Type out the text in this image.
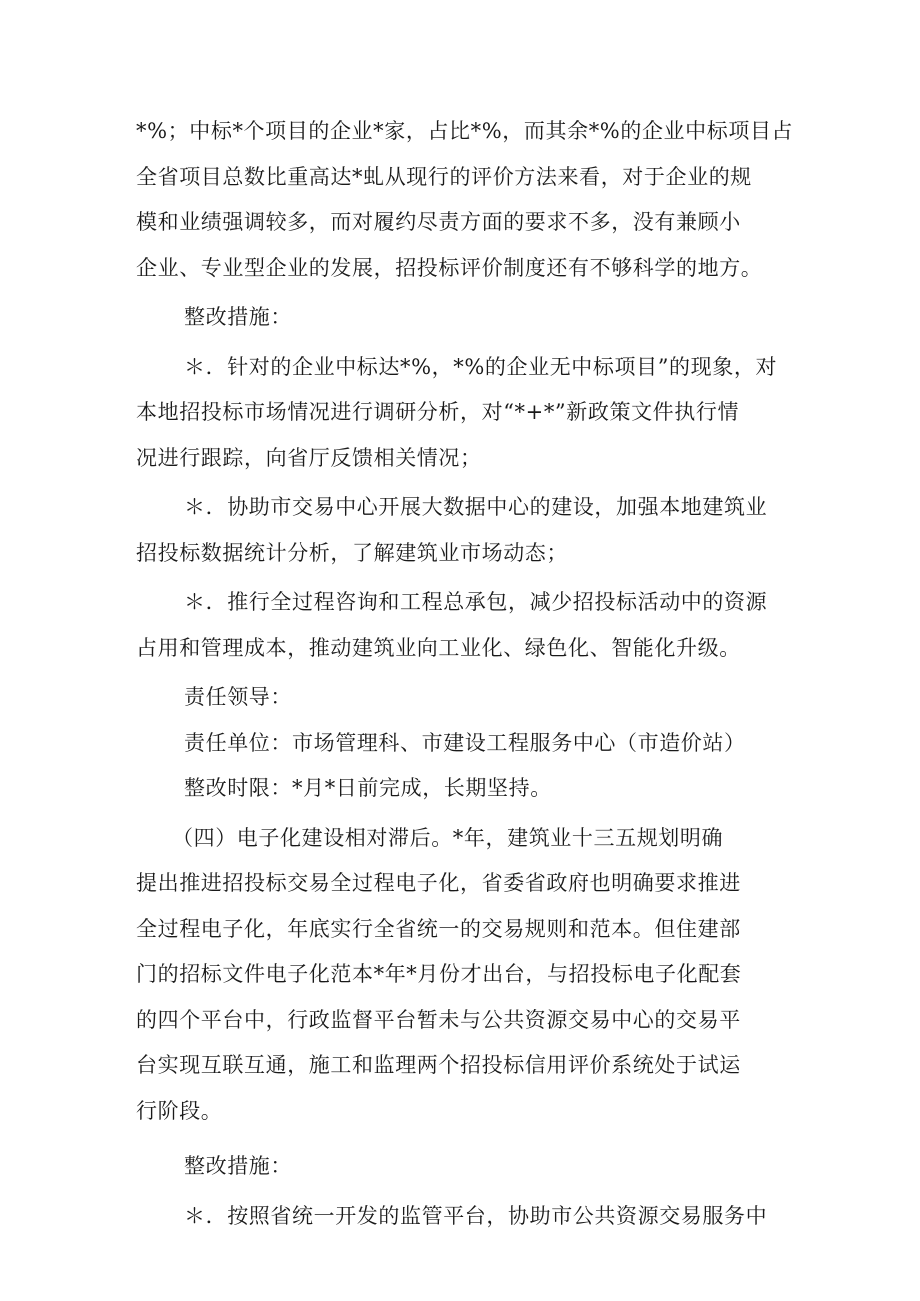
*%；中标*个项目的企业*家，占比*%，而其余*%的企业中标项目占
全省项目总数比重高达*虬从现行的评价方法来看，对于企业的规
模和业绩强调较多，而对履约尽责方面的要求不多，没有兼顾小
企业、专业型企业的发展，招投标评价制度还有不够科学的地方。
整改措施：
＊．针对的企业中标达*%，*%的企业无中标项目”的现象，对
本地招投标市场情况进行调研分析，对“*+*”新政策文件执行情
况进行跟踪，向省厅反馈相关情况；
＊．协助市交易中心开展大数据中心的建设，加强本地建筑业
招投标数据统计分析，了解建筑业市场动态；
＊．推行全过程咨询和工程总承包，减少招投标活动中的资源
占用和管理成本，推动建筑业向工业化、绿色化、智能化升级。
责任领导：
责任单位：市场管理科、市建设工程服务中心（市造价站）
整改时限：*月*日前完成，长期坚持。
（四）电子化建设相对滞后。*年，建筑业十三五规划明确
提出推进招投标交易全过程电子化，省委省政府也明确要求推进
全过程电子化，年底实行全省统一的交易规则和范本。但住建部
门的招标文件电子化范本*年*月份才出台，与招投标电子化配套
的四个平台中，行政监督平台暂未与公共资源交易中心的交易平
台实现互联互通，施工和监理两个招投标信用评价系统处于试运
行阶段。
整改措施：
＊．按照省统一开发的监管平台，协助市公共资源交易服务中
